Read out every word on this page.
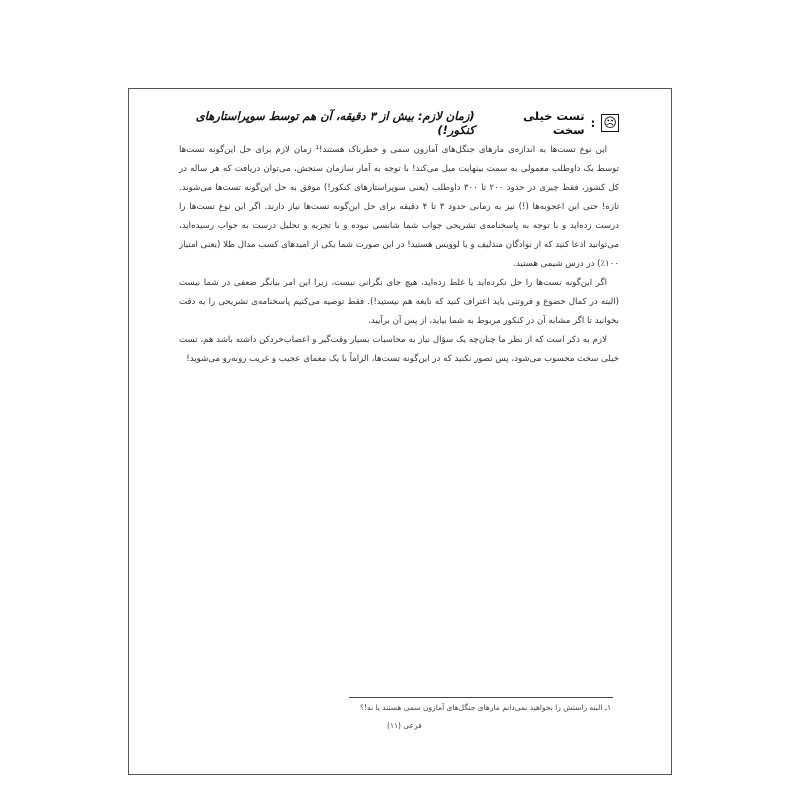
☹
:
تست خیلی سخت
(زمان لازم: بیش از ۳ دقیقه، آن هم توسط سوپراستارهای کنکور!)

این نوع تست‌ها به اندازه‌ی مارهای جنگل‌های آمازون سمی و خطرناک هستند!¹ زمان لازم برای حل این‌گونه تست‌ها توسط یک داوطلب معمولی به سمت بینهایت میل می‌کند! با توجه به آمار سازمان سنجش، می‌توان دریافت که هر ساله در کل کشور، فقط چیزی در حدود ۲۰۰ تا ۳۰۰ داوطلب (یعنی سوپراستارهای کنکور!) موفق به حل این‌گونه تست‌ها می‌شوند. تازه! حتی این اعجوبه‌ها (!) نیز به زمانی حدود ۳ تا ۴ دقیقه برای حل این‌گونه تست‌ها نیاز دارند. اگر این نوع تست‌ها را درست زده‌اید و با توجه به پاسخنامه‌ی تشریحی جواب شما شانسی نبوده و با تجزیه و تحلیل درست به جواب رسیده‌اید، می‌توانید ادعا کنید که از نوادگان مندلیف و یا لوویس هستید! در این صورت شما یکی از امیدهای کسب مدال طلا (یعنی امتیاز ۱۰۰٪) در درس شیمی هستید.

اگر این‌گونه تست‌ها را حل نکرده‌اید یا غلط زده‌اید، هیچ جای نگرانی نیست، زیرا این امر بیانگر ضعفی در شما نیست (البته در کمال خضوع و فروتنی باید اعتراف کنید که نابغه هم نیستید!). فقط توصیه می‌کنیم پاسخنامه‌ی تشریحی را به دقت بخوانید تا اگر مشابه آن در کنکور مربوط به شما بیاید، از پس آن برآیید.

لازم به ذکر است که از نظر ما چنان‌چه یک سؤال نیاز به محاسبات بسیار وقت‌گیر و اعصاب‌خردکن داشته باشد هم، تست خیلی سخت محسوب می‌شود، پس تصور نکنید که در این‌گونه تست‌ها، الزاماً با یک معمای عجیب و غریب روبه‌رو می‌شوید!

۱ـ البته راستش را بخواهید نمی‌دانم مارهای جنگل‌های آمازون سمی هستند یا نه!؟
فرعی (۱۱)
